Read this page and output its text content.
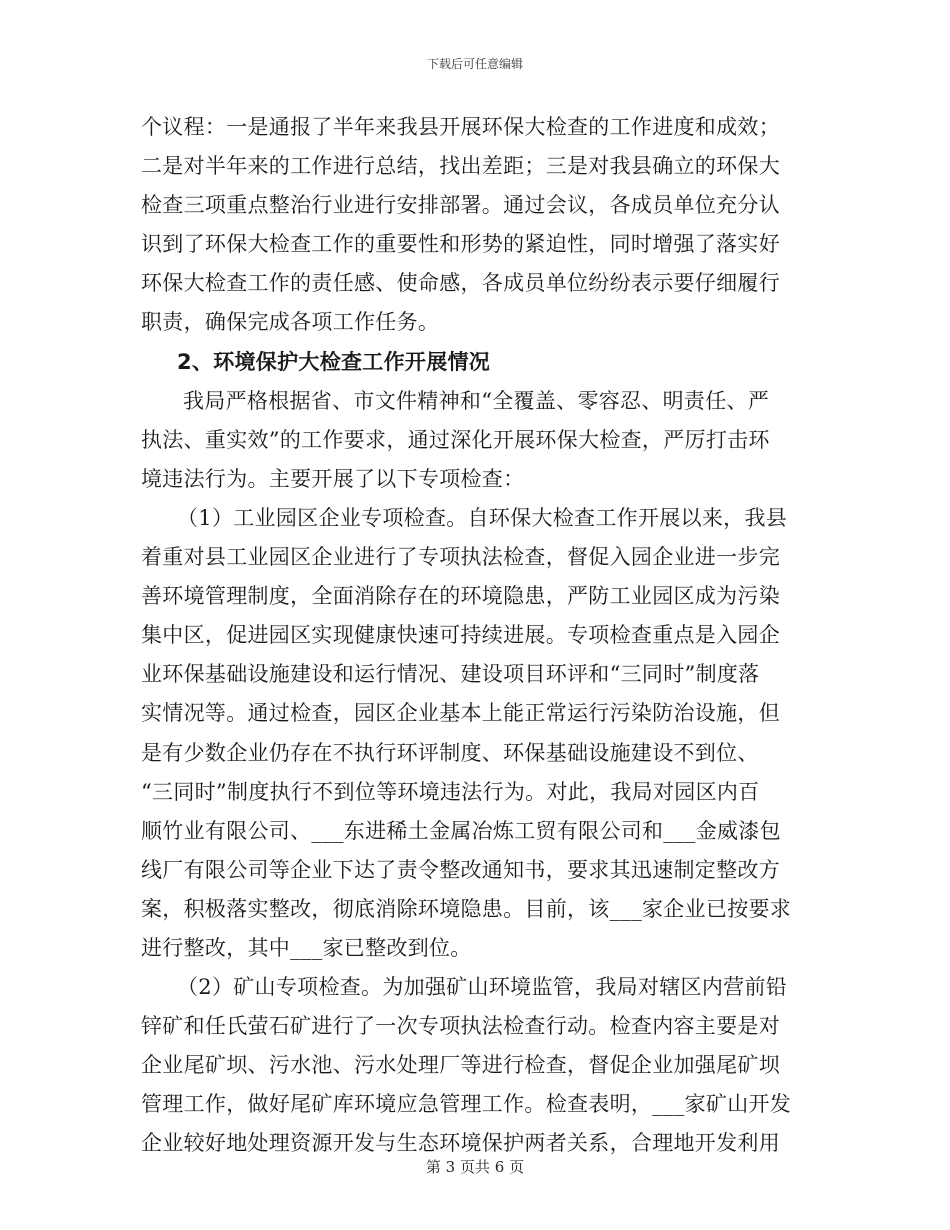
下载后可任意编辑
个议程：一是通报了半年来我县开展环保大检查的工作进度和成效；
二是对半年来的工作进行总结，找出差距；三是对我县确立的环保大
检查三项重点整治行业进行安排部署。通过会议，各成员单位充分认
识到了环保大检查工作的重要性和形势的紧迫性，同时增强了落实好
环保大检查工作的责任感、使命感，各成员单位纷纷表示要仔细履行
职责，确保完成各项工作任务。
2、环境保护大检查工作开展情况
我局严格根据省、市文件精神和“全覆盖、零容忍、明责任、严
执法、重实效”的工作要求，通过深化开展环保大检查，严厉打击环
境违法行为。主要开展了以下专项检查：
（1）工业园区企业专项检查。自环保大检查工作开展以来，我县
着重对县工业园区企业进行了专项执法检查，督促入园企业进一步完
善环境管理制度，全面消除存在的环境隐患，严防工业园区成为污染
集中区，促进园区实现健康快速可持续进展。专项检查重点是入园企
业环保基础设施建设和运行情况、建设项目环评和“三同时”制度落
实情况等。通过检查，园区企业基本上能正常运行污染防治设施，但
是有少数企业仍存在不执行环评制度、环保基础设施建设不到位、
“三同时”制度执行不到位等环境违法行为。对此，我局对园区内百
顺竹业有限公司、___东进稀土金属冶炼工贸有限公司和___金威漆包
线厂有限公司等企业下达了责令整改通知书，要求其迅速制定整改方
案，积极落实整改，彻底消除环境隐患。目前，该___家企业已按要求
进行整改，其中___家已整改到位。
（2）矿山专项检查。为加强矿山环境监管，我局对辖区内营前铅
锌矿和任氏萤石矿进行了一次专项执法检查行动。检查内容主要是对
企业尾矿坝、污水池、污水处理厂等进行检查，督促企业加强尾矿坝
管理工作，做好尾矿库环境应急管理工作。检查表明，___家矿山开发
企业较好地处理资源开发与生态环境保护两者关系，合理地开发利用
第 3 页共 6 页
